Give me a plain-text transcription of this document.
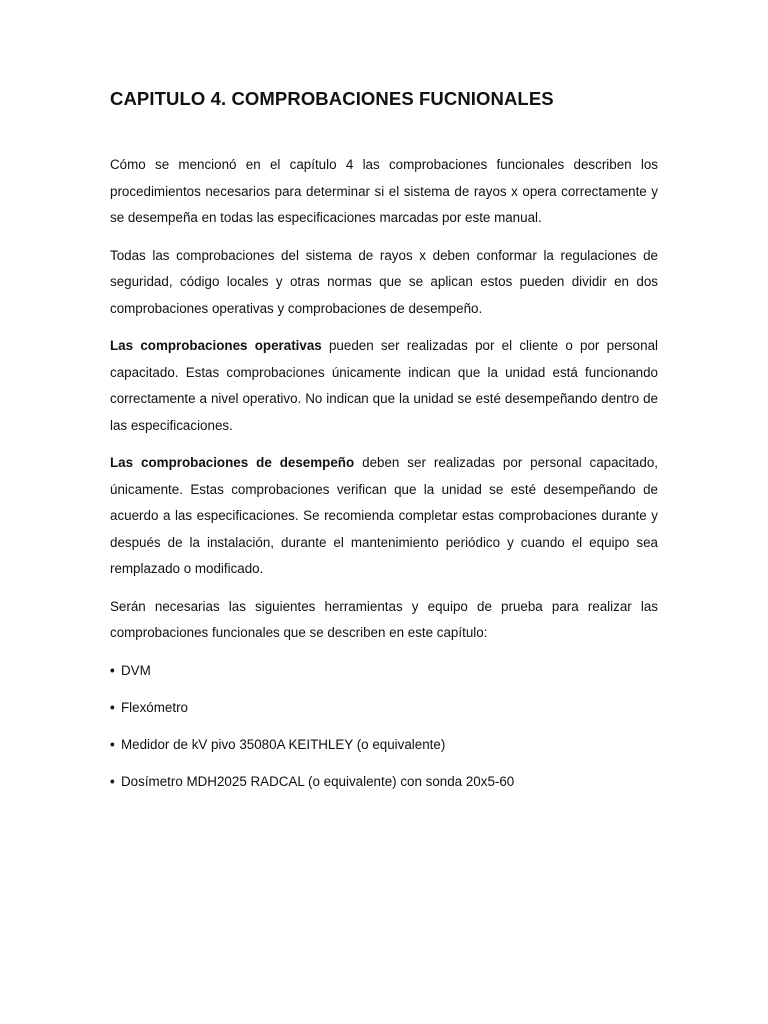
CAPITULO 4. COMPROBACIONES FUCNIONALES

Cómo se mencionó en el capítulo 4 las comprobaciones funcionales describen los procedimientos necesarios para determinar si el sistema de rayos x opera correctamente y se desempeña en todas las especificaciones marcadas por este manual.

Todas las comprobaciones del sistema de rayos x deben conformar la regulaciones de seguridad, código locales y otras normas que se aplican estos pueden dividir en dos comprobaciones operativas y comprobaciones de desempeño.

Las comprobaciones operativas pueden ser realizadas por el cliente o por personal capacitado. Estas comprobaciones únicamente indican que la unidad está funcionando correctamente a nivel operativo. No indican que la unidad se esté desempeñando dentro de las especificaciones.

Las comprobaciones de desempeño deben ser realizadas por personal capacitado, únicamente. Estas comprobaciones verifican que la unidad se esté desempeñando de acuerdo a las especificaciones. Se recomienda completar estas comprobaciones durante y después de la instalación, durante el mantenimiento periódico y cuando el equipo sea remplazado o modificado.

Serán necesarias las siguientes herramientas y equipo de prueba para realizar las comprobaciones funcionales que se describen en este capítulo:

• DVM
• Flexómetro
• Medidor de kV pivo 35080A KEITHLEY (o equivalente)
• Dosímetro MDH2025 RADCAL (o equivalente) con sonda 20x5-60
